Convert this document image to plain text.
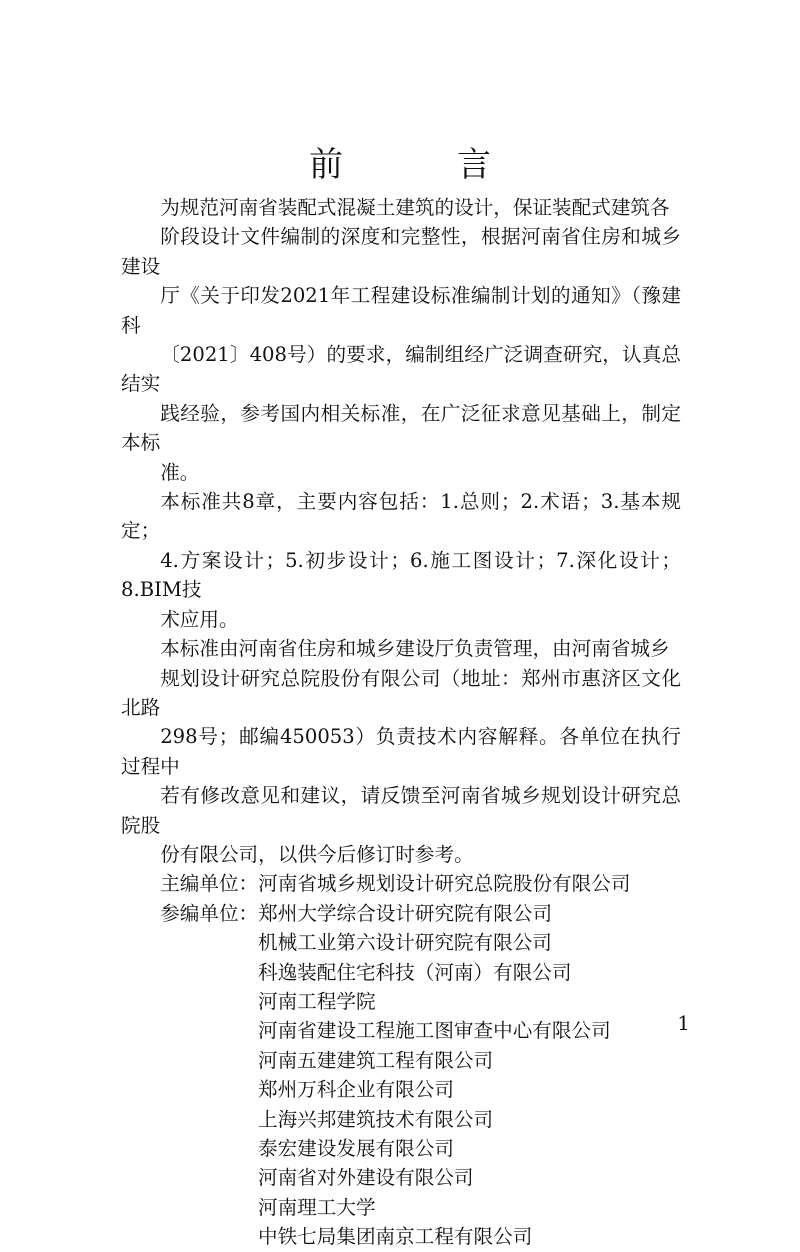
前　言

为规范河南省装配式混凝土建筑的设计，保证装配式建筑各
阶段设计文件编制的深度和完整性，根据河南省住房和城乡建设
厅《关于印发2021年工程建设标准编制计划的通知》（豫建科
〔2021〕408号）的要求，编制组经广泛调查研究，认真总结实
践经验，参考国内相关标准，在广泛征求意见基础上，制定本标
准。

本标准共8章，主要内容包括：1.总则；2.术语；3.基本规定；
4.方案设计；5.初步设计；6.施工图设计；7.深化设计；8.BIM技
术应用。

本标准由河南省住房和城乡建设厅负责管理，由河南省城乡
规划设计研究总院股份有限公司（地址：郑州市惠济区文化北路
298号；邮编450053）负责技术内容解释。各单位在执行过程中
若有修改意见和建议，请反馈至河南省城乡规划设计研究总院股
份有限公司，以供今后修订时参考。

主编单位：河南省城乡规划设计研究总院股份有限公司

参编单位：郑州大学综合设计研究院有限公司

机械工业第六设计研究院有限公司

科逸装配住宅科技（河南）有限公司

河南工程学院

河南省建设工程施工图审查中心有限公司

河南五建建筑工程有限公司

郑州万科企业有限公司

上海兴邦建筑技术有限公司

泰宏建设发展有限公司

河南省对外建设有限公司

河南理工大学

中铁七局集团南京工程有限公司

1
